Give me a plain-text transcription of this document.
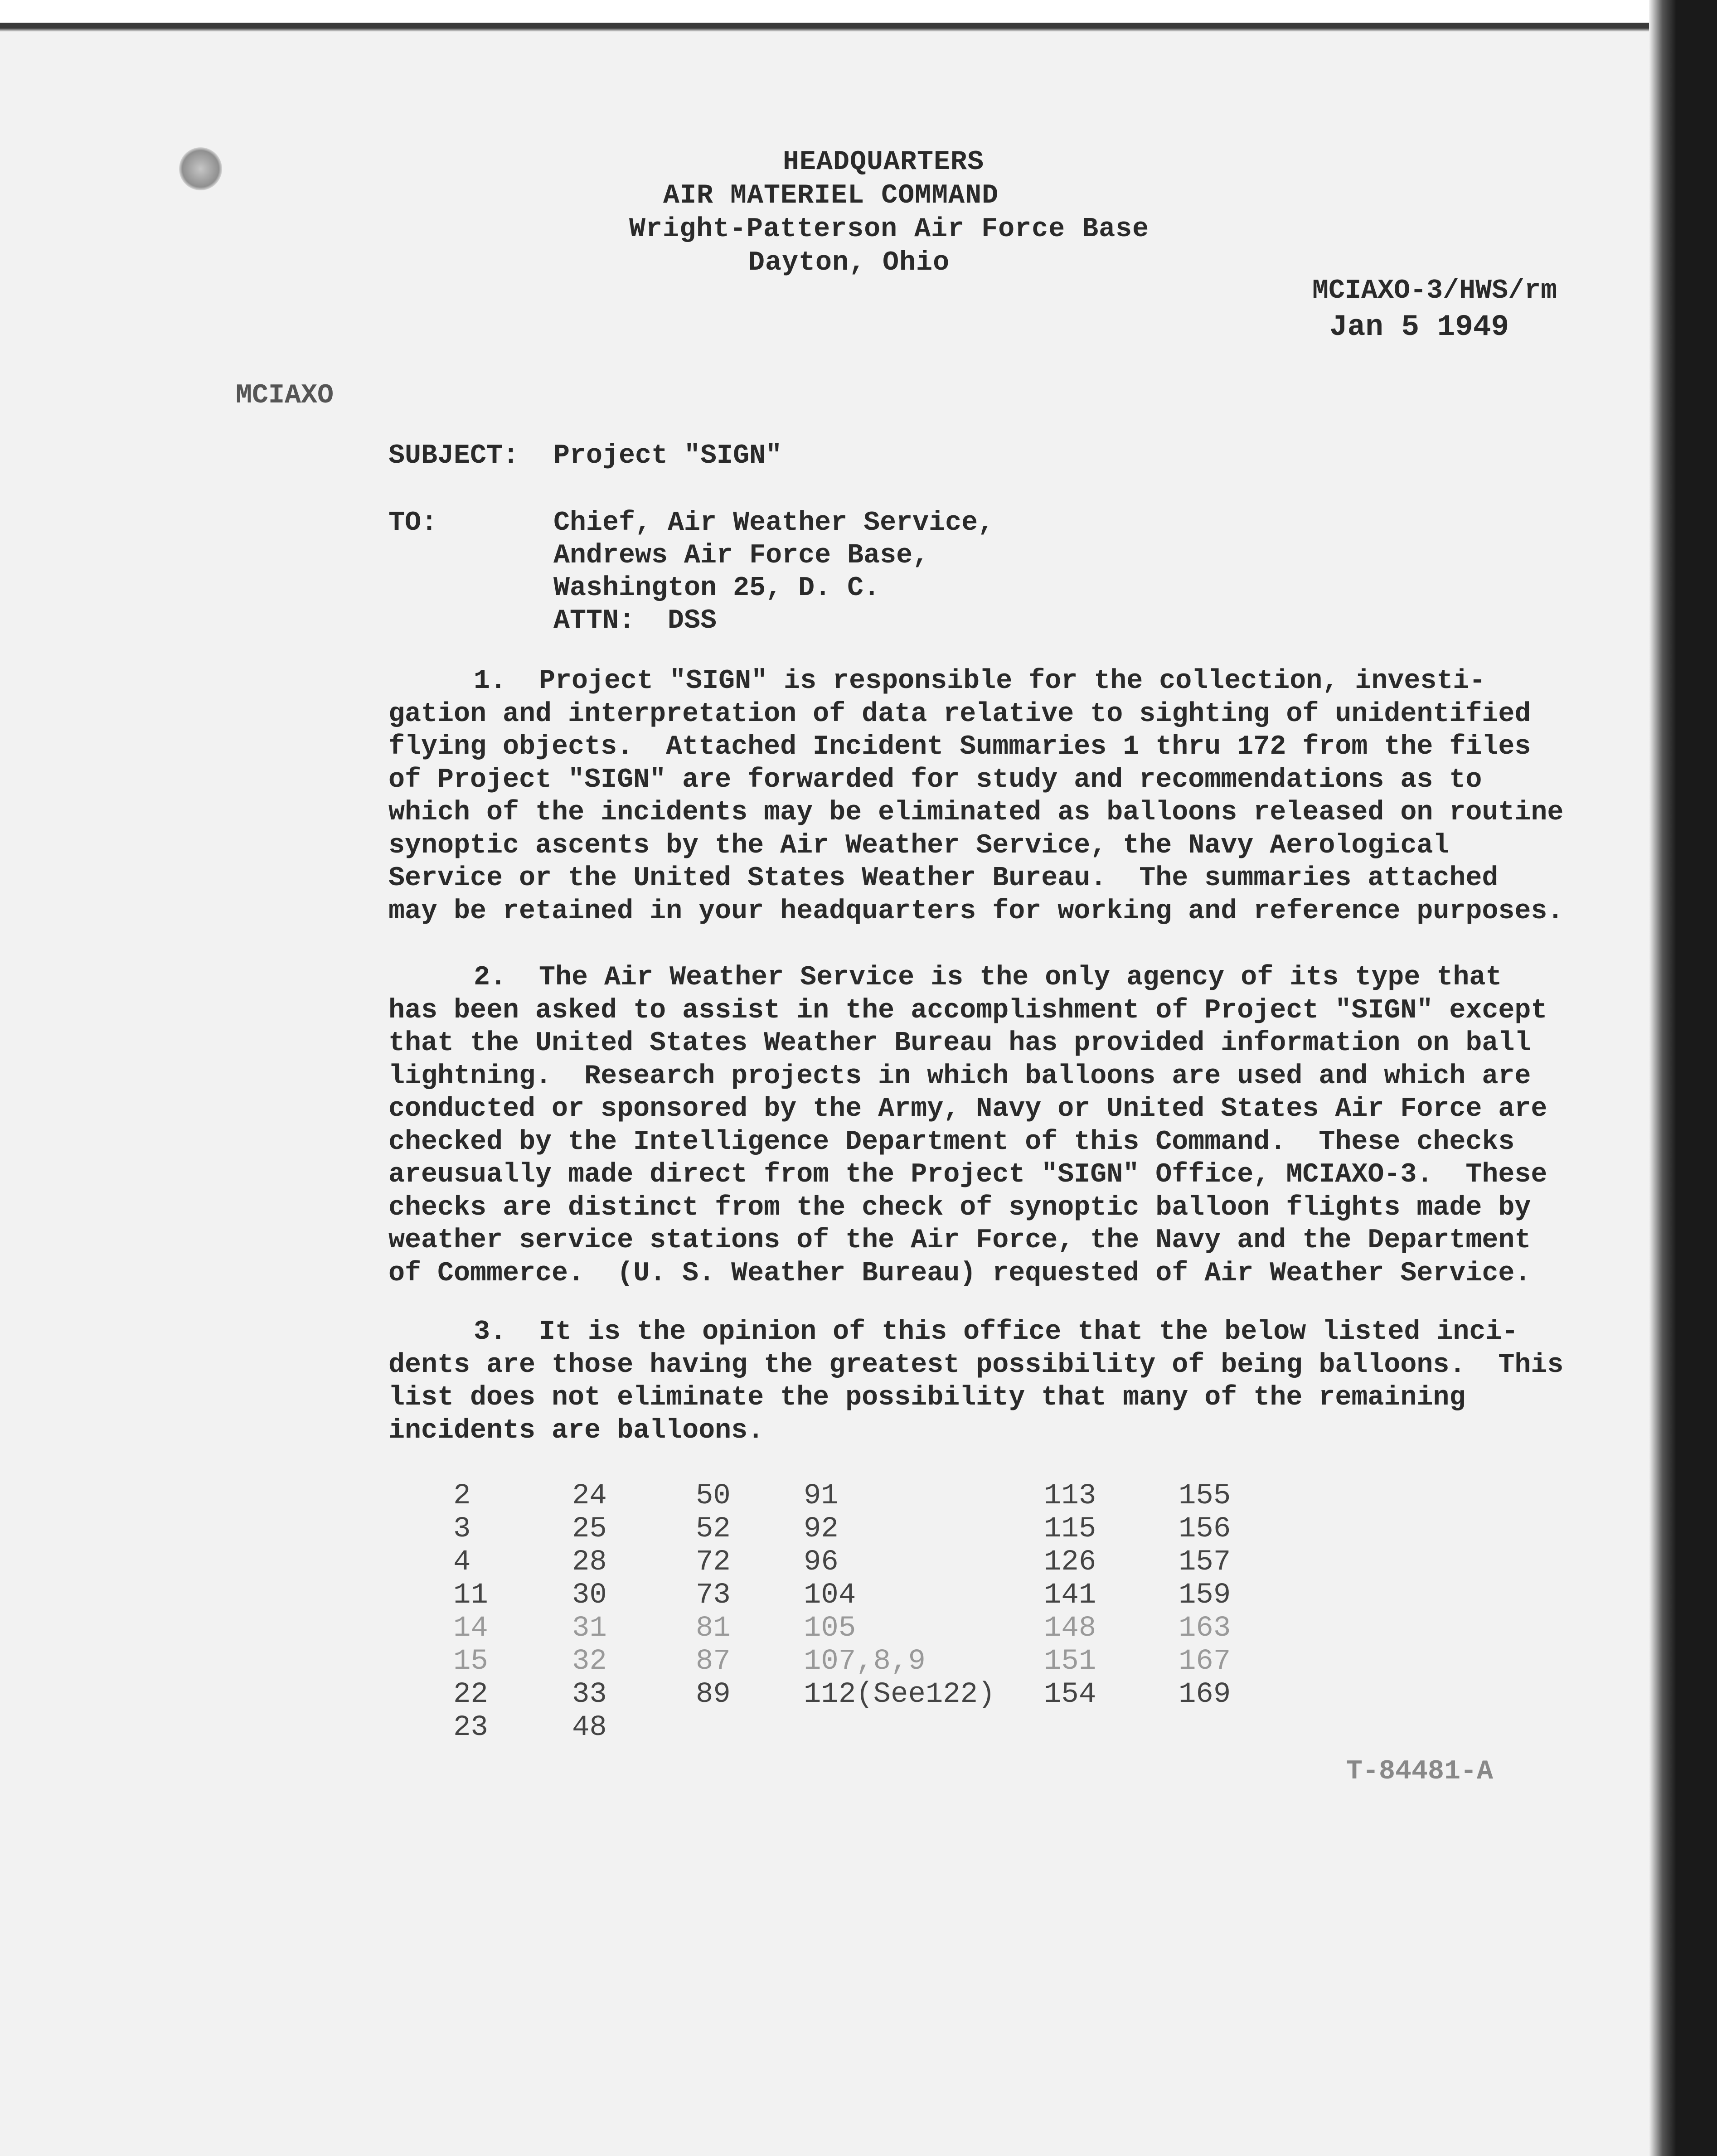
HEADQUARTERS
AIR MATERIEL COMMAND
Wright-Patterson Air Force Base
Dayton, Ohio
MCIAXO-3/HWS/rm
Jan 5 1949
MCIAXO
SUBJECT: Project "SIGN"
TO:	Chief, Air Weather Service,
Andrews Air Force Base,
Washington 25, D. C.
ATTN:  DSS
1.  Project "SIGN" is responsible for the collection, investi-
gation and interpretation of data relative to sighting of unidentified
flying objects.  Attached Incident Summaries 1 thru 172 from the files
of Project "SIGN" are forwarded for study and recommendations as to
which of the incidents may be eliminated as balloons released on routine
synoptic ascents by the Air Weather Service, the Navy Aerological
Service or the United States Weather Bureau.  The summaries attached
may be retained in your headquarters for working and reference purposes.
2.  The Air Weather Service is the only agency of its type that
has been asked to assist in the accomplishment of Project "SIGN" except
that the United States Weather Bureau has provided information on ball
lightning.  Research projects in which balloons are used and which are
conducted or sponsored by the Army, Navy or United States Air Force are
checked by the Intelligence Department of this Command.  These checks
areusually made direct from the Project "SIGN" Office, MCIAXO-3.  These
checks are distinct from the check of synoptic balloon flights made by
weather service stations of the Air Force, the Navy and the Department
of Commerce.  (U. S. Weather Bureau) requested of Air Weather Service.
3.  It is the opinion of this office that the below listed inci-
dents are those having the greatest possibility of being balloons.  This
list does not eliminate the possibility that many of the remaining
incidents are balloons.
2
3
4
11
14
15
22
23
24
25
28
30
31
32
33
48
50
52
72
73
81
87
89
91
92
96
104
105
107,8,9
112(See122)
113
115
126
141
148
151
154
155
156
157
159
163
167
169
T-84481-A
